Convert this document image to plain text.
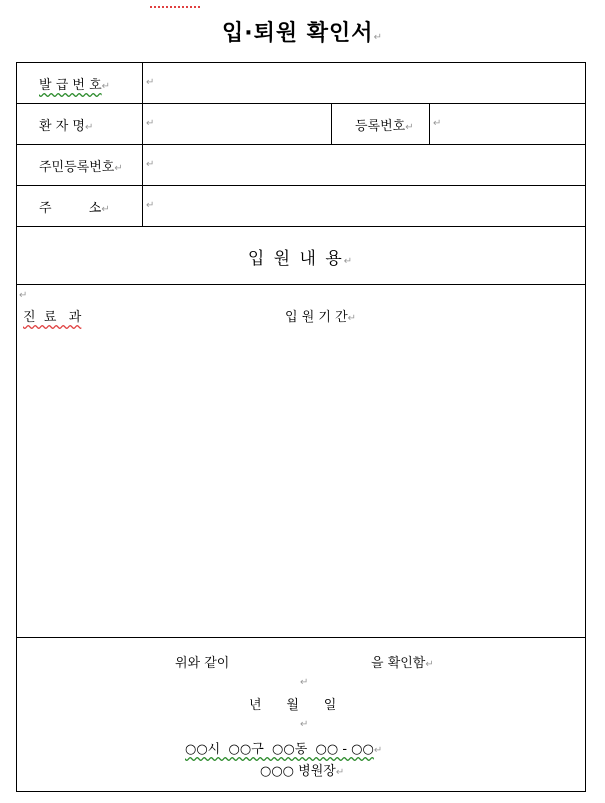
입·퇴원 확인서↵
발 급 번 호↵	↵
환 자 명↵	↵	등록번호↵ ↵
주민등록번호↵ ↵
주         소↵	↵
입 원 내 용↵
↵
진  료   과	입 원 기 간↵
위와 같이	을 확인함↵
↵
년      월      일
↵
○○시  ○○구  ○○동  ○○ - ○○↵
○○○ 병원장↵
